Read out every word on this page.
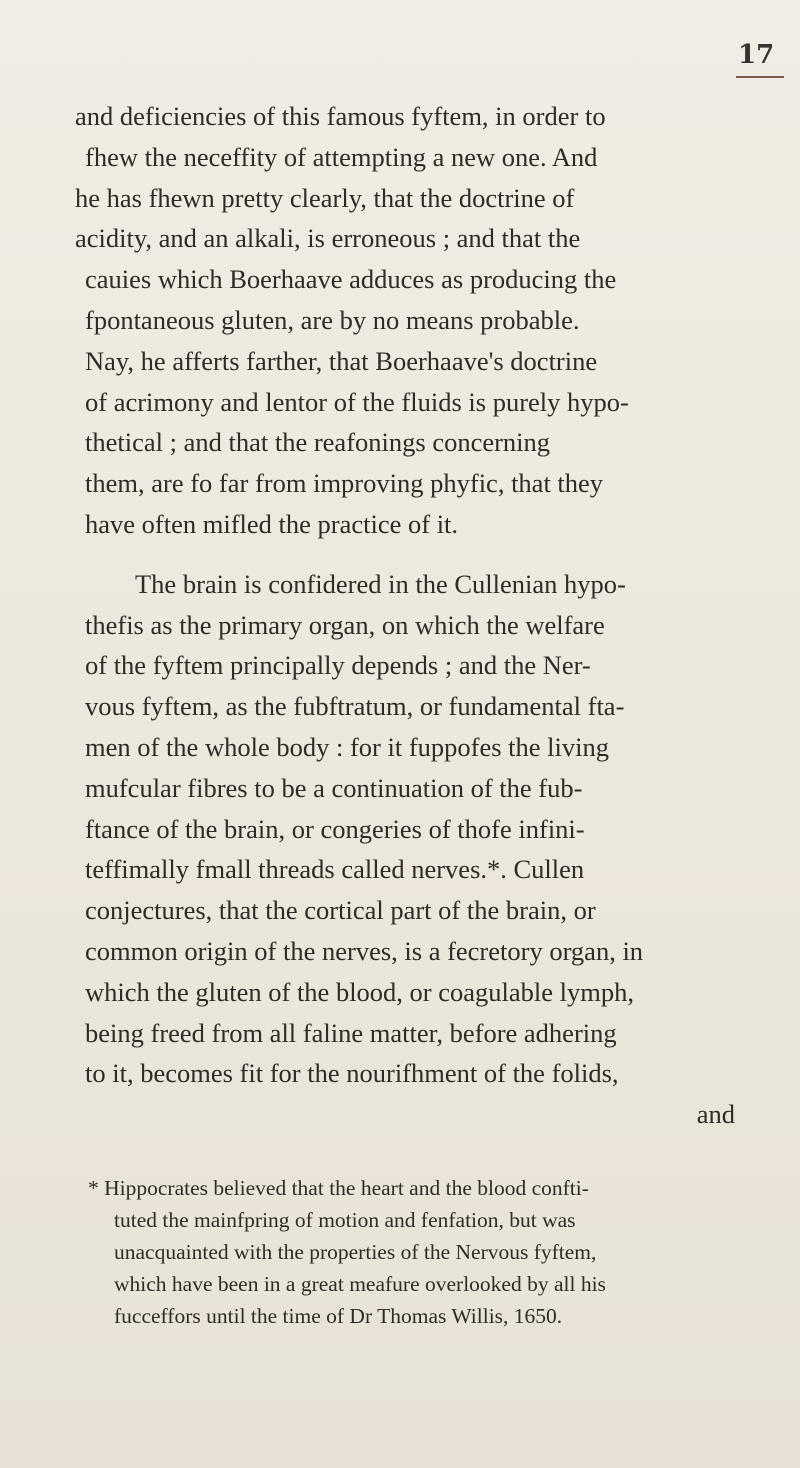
17
and deficiencies of this famous fyftem, in order to
fhew the neceffity of attempting a new one. And
he has fhewn pretty clearly, that the doctrine of
acidity, and an alkali, is erroneous ; and that the
cauies which Boerhaave adduces as producing the
fpontaneous gluten, are by no means probable.
Nay, he afferts farther, that Boerhaave's doctrine
of acrimony and lentor of the fluids is purely hypo-
thetical ; and that the reafonings concerning
them, are fo far from improving phyfic, that they
have often mifled the practice of it.
The brain is confidered in the Cullenian hypo-
thefis as the primary organ, on which the welfare
of the fyftem principally depends ; and the Ner-
vous fyftem, as the fubftratum, or fundamental fta-
men of the whole body : for it fuppofes the living
mufcular fibres to be a continuation of the fub-
ftance of the brain, or congeries of thofe infini-
teffimally fmall threads called nerves.*. Cullen
conjectures, that the cortical part of the brain, or
common origin of the nerves, is a fecretory organ, in
which the gluten of the blood, or coagulable lymph,
being freed from all faline matter, before adhering
to it, becomes fit for the nourifhment of the folids,
and
* Hippocrates believed that the heart and the blood confti-
tuted the mainfpring of motion and fenfation, but was
unacquainted with the properties of the Nervous fyftem,
which have been in a great meafure overlooked by all his
fucceffors until the time of Dr Thomas Willis, 1650.
